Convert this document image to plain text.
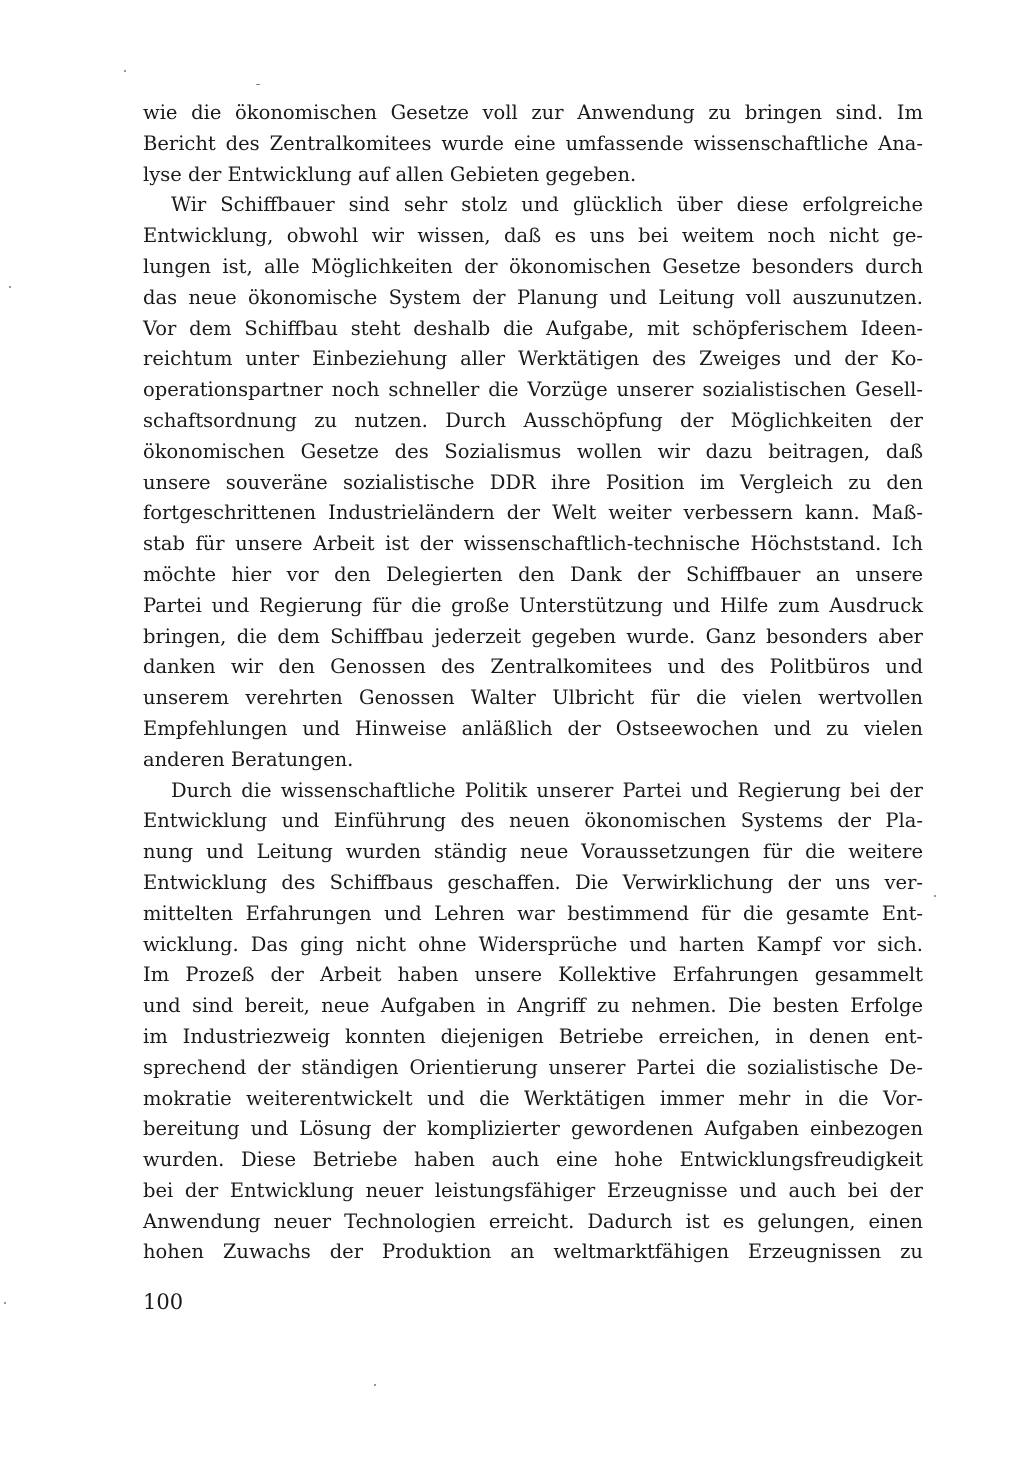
wie die ökonomischen Gesetze voll zur Anwendung zu bringen sind. Im
Bericht des Zentralkomitees wurde eine umfassende wissenschaftliche Ana-
lyse der Entwicklung auf allen Gebieten gegeben.
Wir Schiffbauer sind sehr stolz und glücklich über diese erfolgreiche
Entwicklung, obwohl wir wissen, daß es uns bei weitem noch nicht ge-
lungen ist, alle Möglichkeiten der ökonomischen Gesetze besonders durch
das neue ökonomische System der Planung und Leitung voll auszunutzen.
Vor dem Schiffbau steht deshalb die Aufgabe, mit schöpferischem Ideen-
reichtum unter Einbeziehung aller Werktätigen des Zweiges und der Ko-
operationspartner noch schneller die Vorzüge unserer sozialistischen Gesell-
schaftsordnung zu nutzen. Durch Ausschöpfung der Möglichkeiten der
ökonomischen Gesetze des Sozialismus wollen wir dazu beitragen, daß
unsere souveräne sozialistische DDR ihre Position im Vergleich zu den
fortgeschrittenen Industrieländern der Welt weiter verbessern kann. Maß-
stab für unsere Arbeit ist der wissenschaftlich-technische Höchststand. Ich
möchte hier vor den Delegierten den Dank der Schiffbauer an unsere
Partei und Regierung für die große Unterstützung und Hilfe zum Ausdruck
bringen, die dem Schiffbau jederzeit gegeben wurde. Ganz besonders aber
danken wir den Genossen des Zentralkomitees und des Politbüros und
unserem verehrten Genossen Walter Ulbricht für die vielen wertvollen
Empfehlungen und Hinweise anläßlich der Ostseewochen und zu vielen
anderen Beratungen.
Durch die wissenschaftliche Politik unserer Partei und Regierung bei der
Entwicklung und Einführung des neuen ökonomischen Systems der Pla-
nung und Leitung wurden ständig neue Voraussetzungen für die weitere
Entwicklung des Schiffbaus geschaffen. Die Verwirklichung der uns ver-
mittelten Erfahrungen und Lehren war bestimmend für die gesamte Ent-
wicklung. Das ging nicht ohne Widersprüche und harten Kampf vor sich.
Im Prozeß der Arbeit haben unsere Kollektive Erfahrungen gesammelt
und sind bereit, neue Aufgaben in Angriff zu nehmen. Die besten Erfolge
im Industriezweig konnten diejenigen Betriebe erreichen, in denen ent-
sprechend der ständigen Orientierung unserer Partei die sozialistische De-
mokratie weiterentwickelt und die Werktätigen immer mehr in die Vor-
bereitung und Lösung der komplizierter gewordenen Aufgaben einbezogen
wurden. Diese Betriebe haben auch eine hohe Entwicklungsfreudigkeit
bei der Entwicklung neuer leistungsfähiger Erzeugnisse und auch bei der
Anwendung neuer Technologien erreicht. Dadurch ist es gelungen, einen
hohen Zuwachs der Produktion an weltmarktfähigen Erzeugnissen zu
100
